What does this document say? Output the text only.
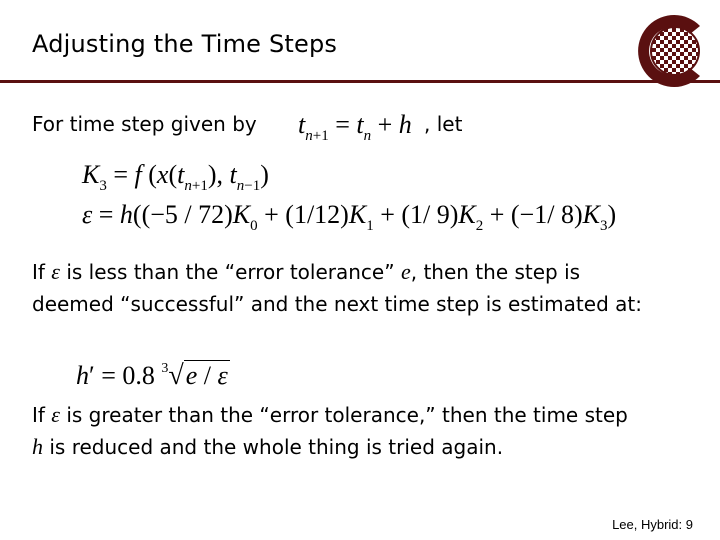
Adjusting the Time Steps
For time step given by $t_{n+1} = t_n + h$ , let
$K_3 = f$ ($x(t_{n+1})$, $t_{n-1}$)
$\varepsilon = h((-5 / 72)K_0 + (1/12)K_1 + (1/$ $9)K_2 + (-1/$ $8)K_3$)
If ε is less than the “error tolerance” e, then the step is
deemed “successful” and the next time step is estimated at:
h′ = 0.8 $^3$√e / ε
If ε is greater than the “error tolerance,” then the time step
h is reduced and the whole thing is tried again.
Lee, Hybrid: 9
